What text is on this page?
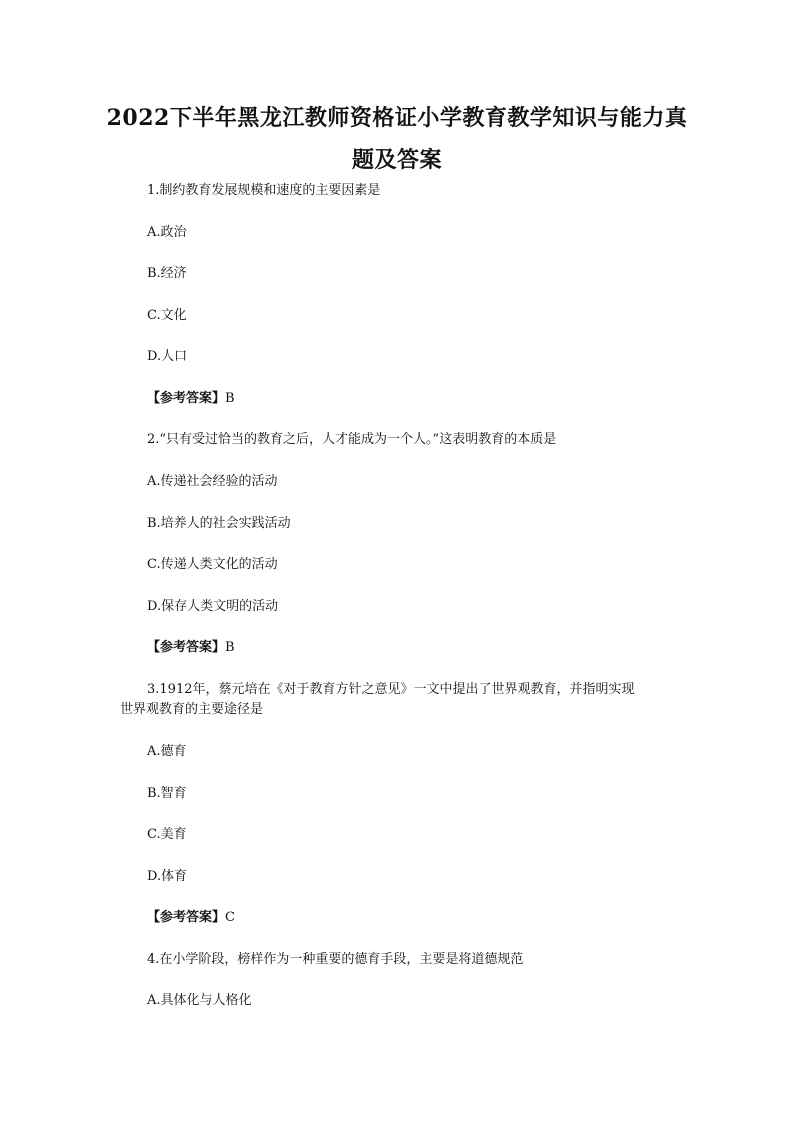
2022下半年黑龙江教师资格证小学教育教学知识与能力真
题及答案
1.制约教育发展规模和速度的主要因素是
A.政治
B.经济
C.文化
D.人口
【参考答案】B
2.“只有受过恰当的教育之后，人才能成为一个人。”这表明教育的本质是
A.传递社会经验的活动
B.培养人的社会实践活动
C.传递人类文化的活动
D.保存人类文明的活动
【参考答案】B
3.1912年，蔡元培在《对于教育方针之意见》一文中提出了世界观教育，并指明实现
世界观教育的主要途径是
A.德育
B.智育
C.美育
D.体育
【参考答案】C
4.在小学阶段，榜样作为一种重要的德育手段，主要是将道德规范
A.具体化与人格化
